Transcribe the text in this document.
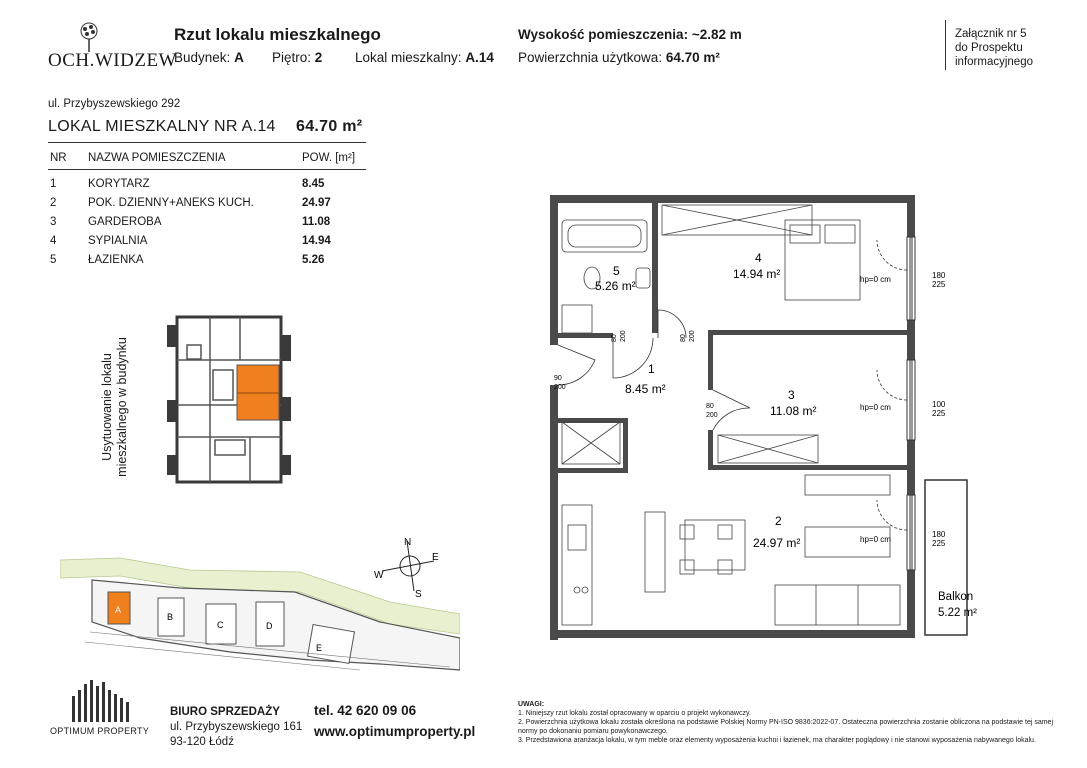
OCH.WIDZEW
Rzut lokalu mieszkalnego
Budynek: A Piętro: 2 Lokal mieszkalny: A.14
Wysokość pomieszczenia: ~2.82 m
Powierzchnia użytkowa: 64.70 m²
Załącznik nr 5
do Prospektu
informacyjnego
ul. Przybyszewskiego 292
LOKAL MIESZKALNY NR A.14 64.70 m²
NR NAZWA POMIESZCZENIA	POW. [m²]
1	KORYTARZ	8.45
2	POK. DZIENNY+ANEKS KUCH.	24.97
3	GARDEROBA	11.08
4	SYPIALNIA	14.94
5	ŁAZIENKA	5.26
Usytuowanie lokalu mieszkalnego w budynku
N
E
S
W
A
B
C	D
E
5
5.26 m²
4
14.94 m²
1
8.45 m²	3
11.08 m²
2
24.97 m²
Balkon
5.22 m²
hp=0 cm
hp=0 cm
hp=0 cm
180
225
100
225
180
225
80 200	80 200
90
200
80
200
OPTIMUM PROPERTY
BIURO SPRZEDAŻY
ul. Przybyszewskiego 161
93-120 Łódź
tel. 42 620 09 06
www.optimumproperty.pl
UWAGI:
1. Niniejszy rzut lokalu został opracowany w oparciu o projekt wykonawczy.
2. Powierzchnia użytkowa lokalu została określona na podstawie Polskiej Normy PN-ISO 9836:2022-07. Ostateczna powierzchnia zostanie obliczona na podstawie tej samej
normy po dokonaniu pomiaru powykonawczego.
3. Przedstawiona aranżacja lokalu, w tym meble oraz elementy wyposażenia kuchni i łazienek, ma charakter poglądowy i nie stanowi wyposażenia nabywanego lokalu.
